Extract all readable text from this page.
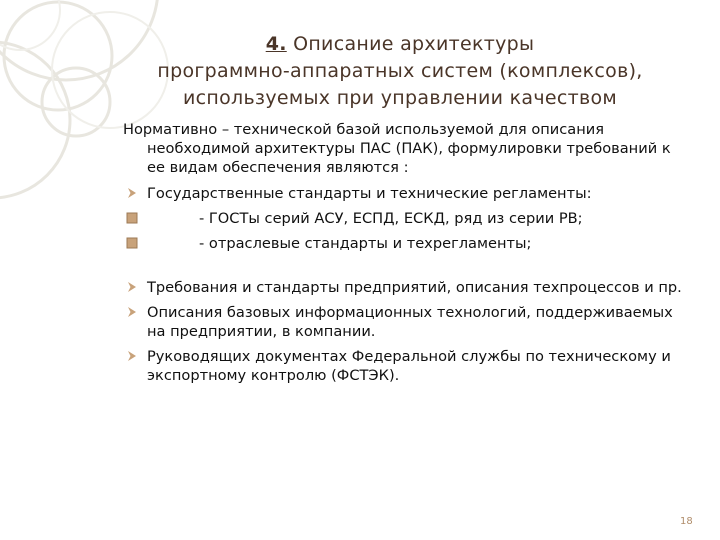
4. Описание архитектуры
программно-аппаратных систем (комплексов),
используемых при управлении качеством

Нормативно – технической базой используемой для описания необходимой архитектуры ПАС (ПАК), формулировки требований к ее видам обеспечения являются :

Государственные стандарты и технические регламенты:
- ГОСТы серий АСУ, ЕСПД, ЕСКД, ряд из серии РВ;
- отраслевые стандарты и техрегламенты;
Требования и стандарты предприятий, описания техпроцессов и пр.
Описания базовых информационных технологий, поддерживаемых на предприятии, в компании.
Руководящих документах Федеральной службы по техническому и экспортному контролю (ФСТЭК).
18
